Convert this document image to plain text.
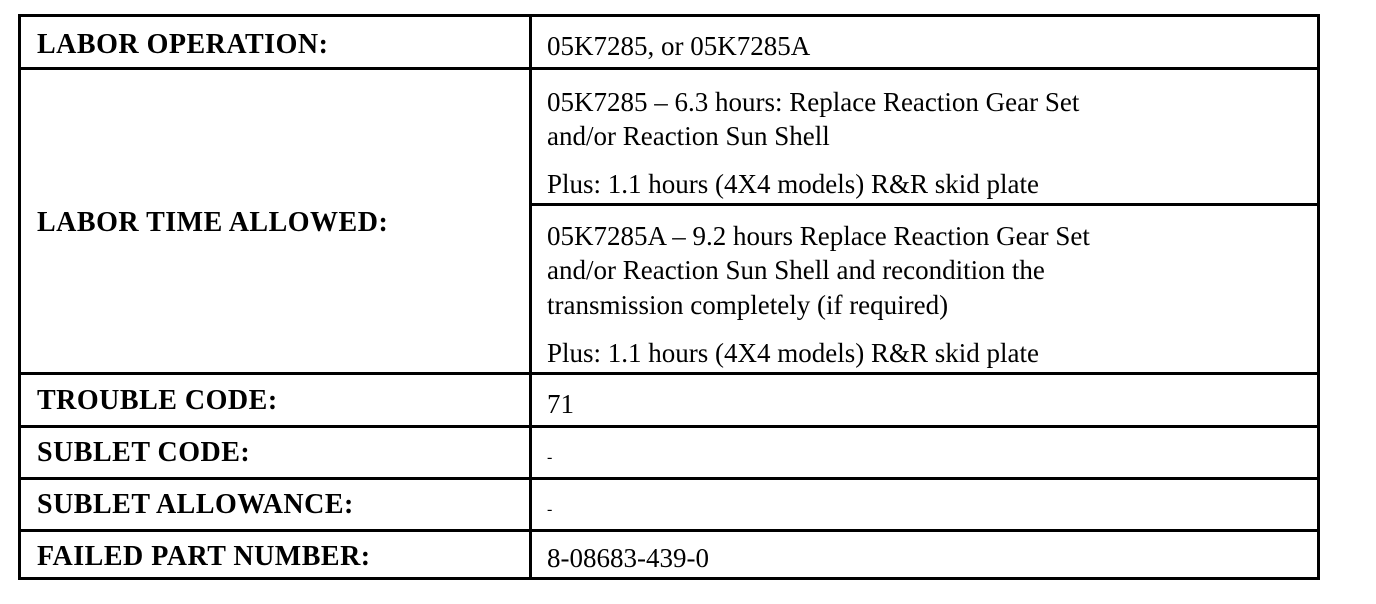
LABOR OPERATION:	05K7285, or 05K7285A
LABOR TIME ALLOWED:
05K7285 – 6.3 hours: Replace Reaction Gear Set
and/or Reaction Sun Shell
Plus: 1.1 hours (4X4 models) R&R skid plate
05K7285A – 9.2 hours Replace Reaction Gear Set
and/or Reaction Sun Shell and recondition the
transmission completely (if required)
Plus: 1.1 hours (4X4 models) R&R skid plate
TROUBLE CODE:	71
SUBLET CODE:	-
SUBLET ALLOWANCE:	-
FAILED PART NUMBER:	8-08683-439-0
